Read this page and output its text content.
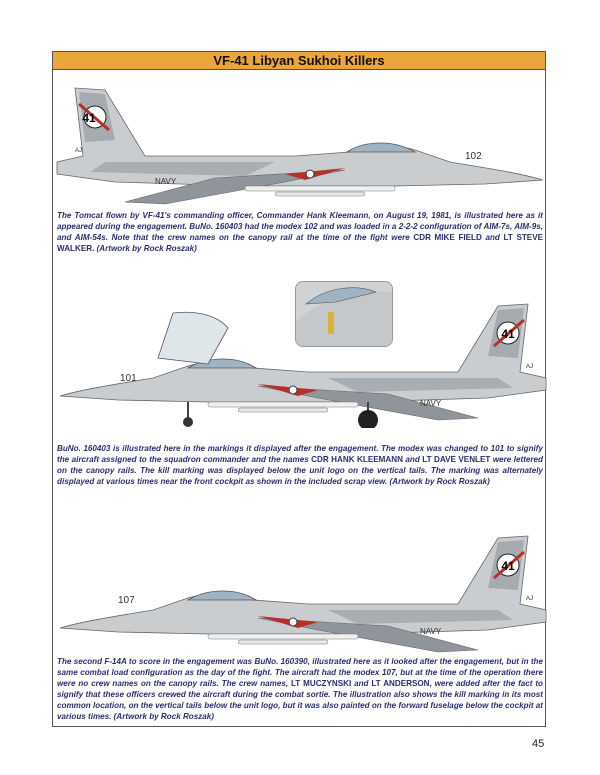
VF-41 Libyan Sukhoi Killers
41
102
NAVY
AJ
The Tomcat flown by VF-41's commanding officer, Commander Hank Kleemann, on August 19, 1981, is illustrated here as it appeared during the engagement. BuNo. 160403 had the modex 102 and was loaded in a 2-2-2 configuration of AIM-7s, AIM-9s, and AIM-54s. Note that the crew names on the canopy rail at the time of the fight were CDR MIKE FIELD and LT STEVE WALKER. (Artwork by Rock Roszak)
41
101
NAVY
AJ
BuNo. 160403 is illustrated here in the markings it displayed after the engagement. The modex was changed to 101 to signify the aircraft assigned to the squadron commander and the names CDR HANK KLEEMANN and LT DAVE VENLET were lettered on the canopy rails. The kill marking was displayed below the unit logo on the vertical tails. The marking was alternately displayed at various times near the front cockpit as shown in the included scrap view. (Artwork by Rock Roszak)
41
107
NAVY
AJ
The second F-14A to score in the engagement was BuNo. 160390, illustrated here as it looked after the engagement, but in the same combat load configuration as the day of the fight. The aircraft had the modex 107, but at the time of the operation there were no crew names on the canopy rails. The crew names, LT MUCZYNSKI and LT ANDERSON, were added after the fact to signify that these officers crewed the aircraft during the combat sortie. The illustration also shows the kill marking in its most common location, on the vertical tails below the unit logo, but it was also painted on the forward fuselage below the cockpit at various times. (Artwork by Rock Roszak)
45
